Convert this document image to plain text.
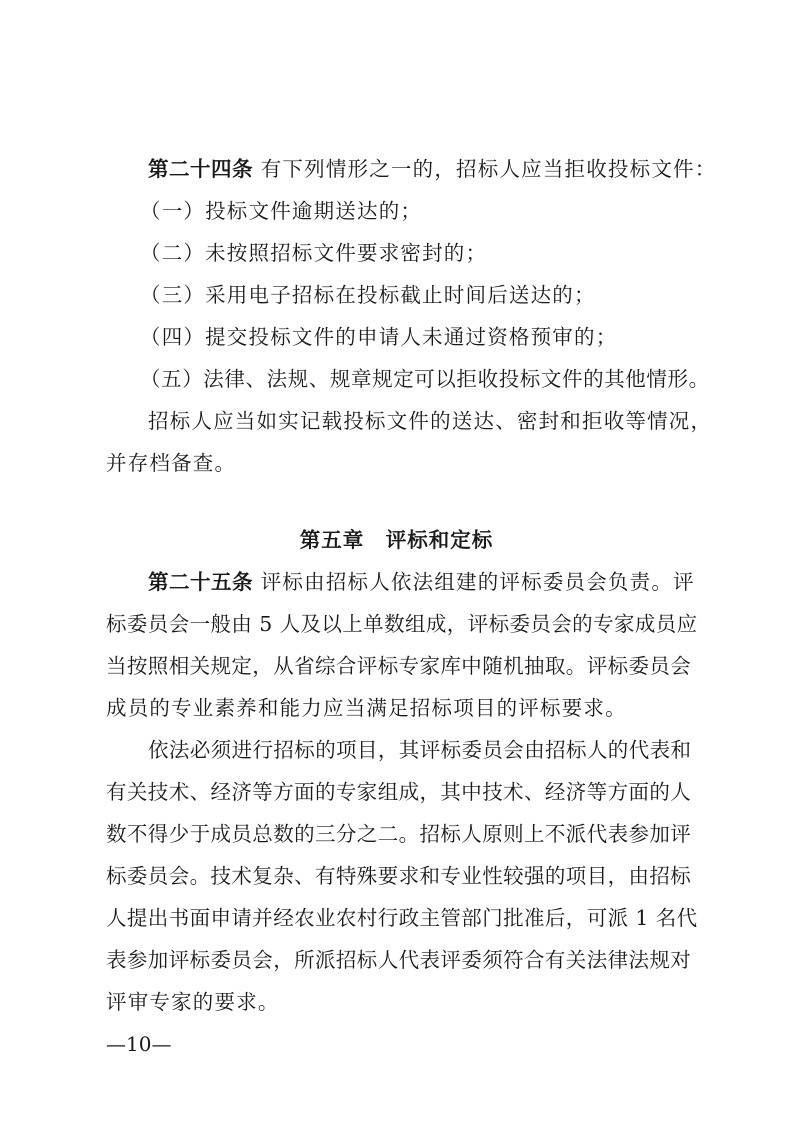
第二十四条 有下列情形之一的，招标人应当拒收投标文件：
（一）投标文件逾期送达的；
（二）未按照招标文件要求密封的；
（三）采用电子招标在投标截止时间后送达的；
（四）提交投标文件的申请人未通过资格预审的；
（五）法律、法规、规章规定可以拒收投标文件的其他情形。
招标人应当如实记载投标文件的送达、密封和拒收等情况，
并存档备查。
第五章　评标和定标
第二十五条 评标由招标人依法组建的评标委员会负责。评
标委员会一般由 5 人及以上单数组成，评标委员会的专家成员应
当按照相关规定，从省综合评标专家库中随机抽取。评标委员会
成员的专业素养和能力应当满足招标项目的评标要求。
依法必须进行招标的项目，其评标委员会由招标人的代表和
有关技术、经济等方面的专家组成，其中技术、经济等方面的人
数不得少于成员总数的三分之二。招标人原则上不派代表参加评
标委员会。技术复杂、有特殊要求和专业性较强的项目，由招标
人提出书面申请并经农业农村行政主管部门批准后，可派 1 名代
表参加评标委员会，所派招标人代表评委须符合有关法律法规对
评审专家的要求。
—10—
